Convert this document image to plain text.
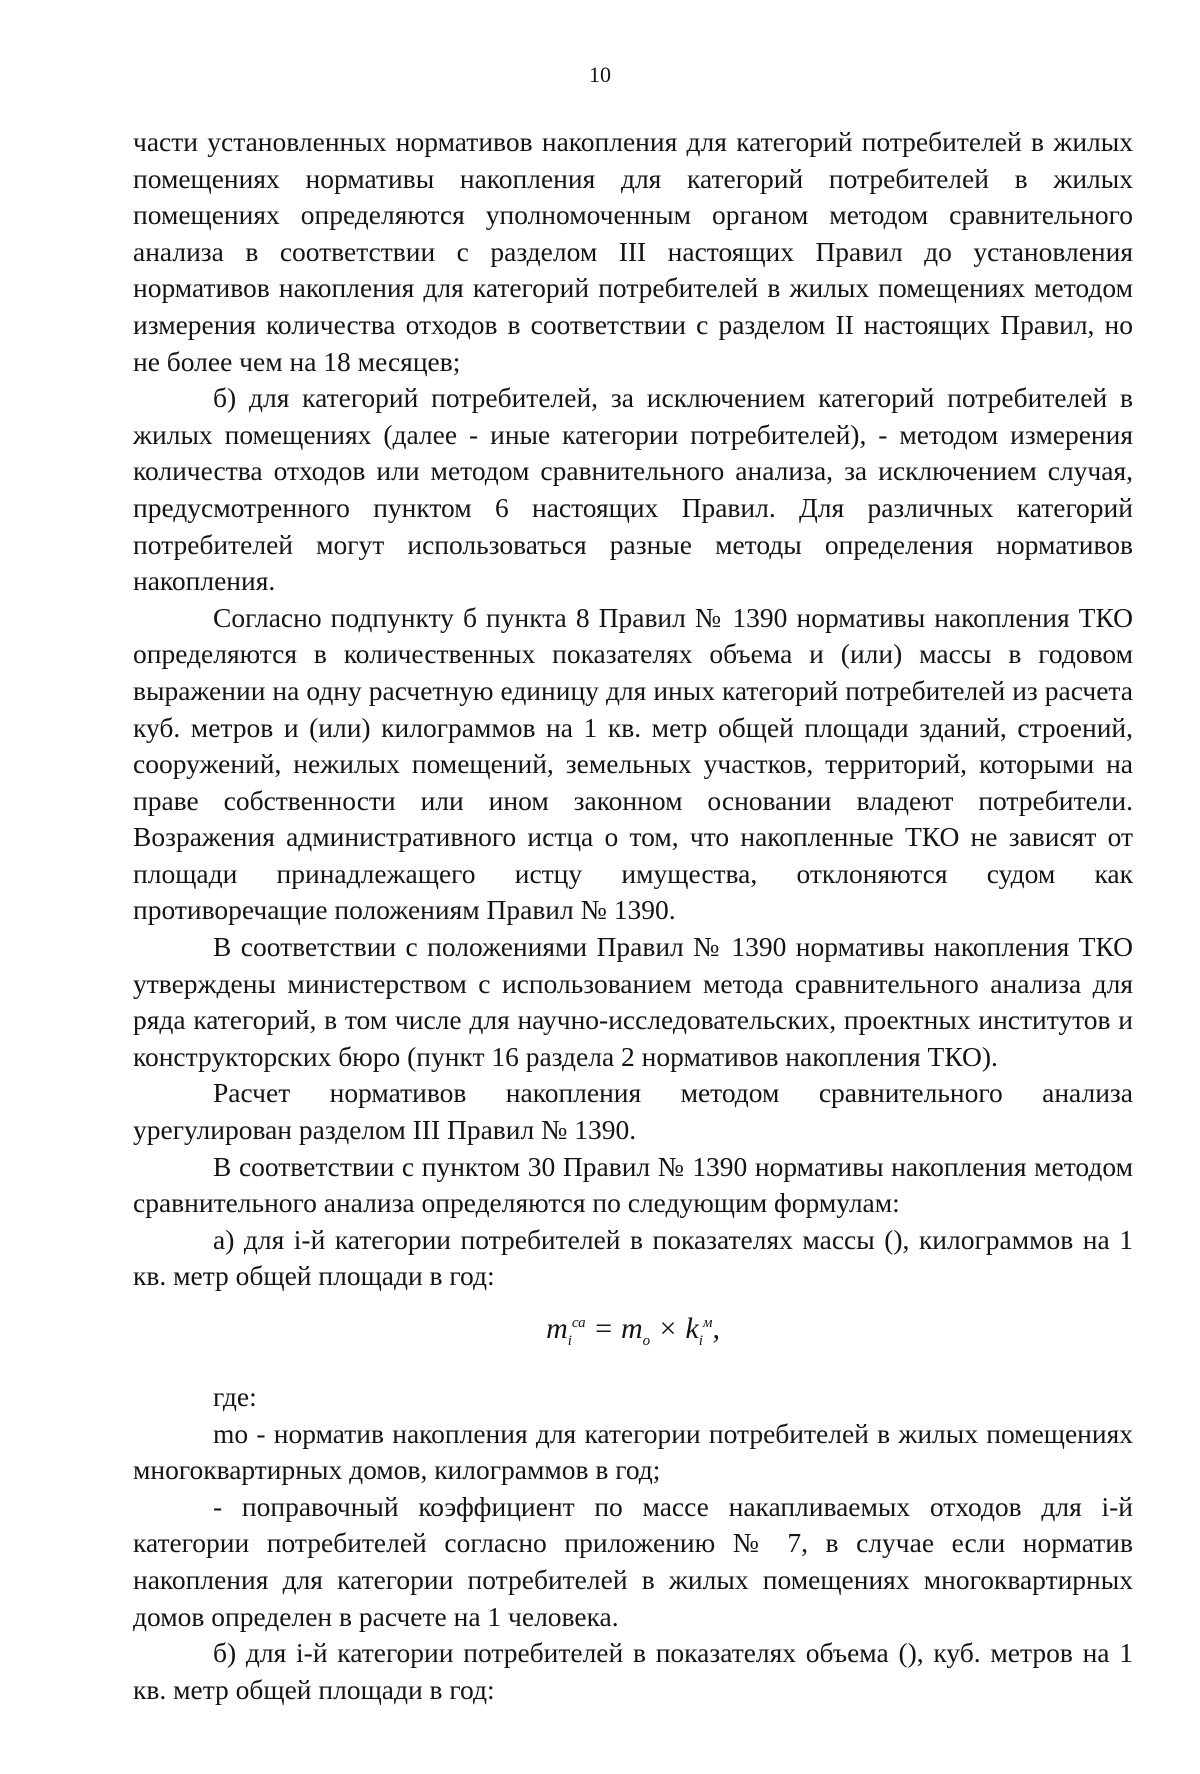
10

части установленных нормативов накопления для категорий потребителей в жилых помещениях нормативы накопления для категорий потребителей в жилых помещениях определяются уполномоченным органом методом сравнительного анализа в соответствии с разделом III настоящих Правил до установления нормативов накопления для категорий потребителей в жилых помещениях методом измерения количества отходов в соответствии с разделом II настоящих Правил, но не более чем на 18 месяцев;

б) для категорий потребителей, за исключением категорий потребителей в жилых помещениях (далее - иные категории потребителей), - методом измерения количества отходов или методом сравнительного анализа, за исключением случая, предусмотренного пунктом 6 настоящих Правил. Для различных категорий потребителей могут использоваться разные методы определения нормативов накопления.

Согласно подпункту б пункта 8 Правил № 1390 нормативы накопления ТКО определяются в количественных показателях объема и (или) массы в годовом выражении на одну расчетную единицу для иных категорий потребителей из расчета куб. метров и (или) килограммов на 1 кв. метр общей площади зданий, строений, сооружений, нежилых помещений, земельных участков, территорий, которыми на праве собственности или ином законном основании владеют потребители. Возражения административного истца о том, что накопленные ТКО не зависят от площади принадлежащего истцу имущества, отклоняются судом как противоречащие положениям Правил № 1390.

В соответствии с положениями Правил № 1390 нормативы накопления ТКО утверждены министерством с использованием метода сравнительного анализа для ряда категорий, в том числе для научно-исследовательских, проектных институтов и конструкторских бюро (пункт 16 раздела 2 нормативов накопления ТКО).

Расчет нормативов накопления методом сравнительного анализа урегулирован разделом III Правил № 1390.

В соответствии с пунктом 30 Правил № 1390 нормативы накопления методом сравнительного анализа определяются по следующим формулам:

а) для i-й категории потребителей в показателях массы (), килограммов на 1 кв. метр общей площади в год:

$m_i^{са} = m_о \times k_i^м$,

где:

mo - норматив накопления для категории потребителей в жилых помещениях многоквартирных домов, килограммов в год;

- поправочный коэффициент по массе накапливаемых отходов для i-й категории потребителей согласно приложению № 7, в случае если норматив накопления для категории потребителей в жилых помещениях многоквартирных домов определен в расчете на 1 человека.

б) для i-й категории потребителей в показателях объема (), куб. метров на 1 кв. метр общей площади в год:
